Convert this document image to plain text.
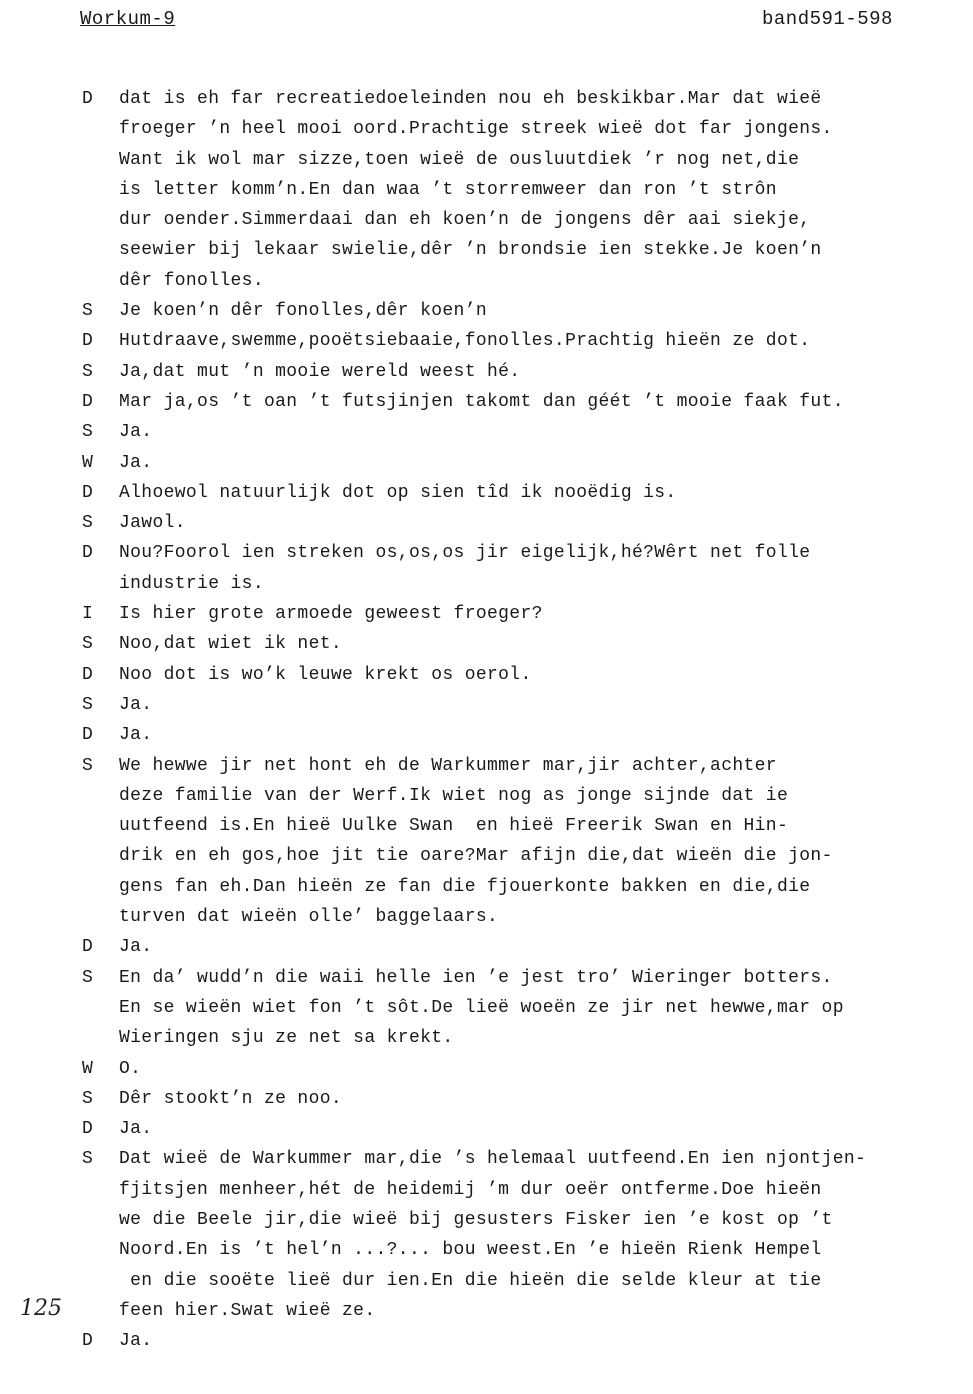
Workum-9	band591-598
D	dat is eh far recreatiedoeleinden nou eh beskikbar.Mar dat wieë
froeger ’n heel mooi oord.Prachtige streek wieë dot far jongens.
Want ik wol mar sizze,toen wieë de ousluutdiek ’r nog net,die
is letter komm’n.En dan waa ’t storremweer dan ron ’t strôn
dur oender.Simmerdaai dan eh koen’n de jongens dêr aai siekje,
seewier bij lekaar swielie,dêr ’n brondsie ien stekke.Je koen’n
dêr fonolles.
S	Je koen’n dêr fonolles,dêr koen’n
D	Hutdraave,swemme,pooëtsiebaaie,fonolles.Prachtig hieën ze dot.
S	Ja,dat mut ’n mooie wereld weest hé.
D	Mar ja,os ’t oan ’t futsjinjen takomt dan géét ’t mooie faak fut.
S	Ja.
W	Ja.
D	Alhoewol natuurlijk dot op sien tîd ik nooëdig is.
S	Jawol.
D	Nou?Foorol ien streken os,os,os jir eigelijk,hé?Wêrt net folle
industrie is.
I	Is hier grote armoede geweest froeger?
S	Noo,dat wiet ik net.
D	Noo dot is wo’k leuwe krekt os oerol.
S	Ja.
D	Ja.
S	We hewwe jir net hont eh de Warkummer mar,jir achter,achter
deze familie van der Werf.Ik wiet nog as jonge sijnde dat ie
uutfeend is.En hieë Uulke Swan  en hieë Freerik Swan en Hin-
drik en eh gos,hoe jit tie oare?Mar afijn die,dat wieën die jon-
gens fan eh.Dan hieën ze fan die fjouerkonte bakken en die,die
turven dat wieën olle’ baggelaars.
D	Ja.
S	En da’ wudd’n die waii helle ien ’e jest tro’ Wieringer botters.
En se wieën wiet fon ’t sôt.De lieë woeën ze jir net hewwe,mar op
Wieringen sju ze net sa krekt.
W	O.
S	Dêr stookt’n ze noo.
D	Ja.
S	Dat wieë de Warkummer mar,die ’s helemaal uutfeend.En ien njontjen-
fjitsjen menheer,hét de heidemij ’m dur oeër ontferme.Doe hieën
we die Beele jir,die wieë bij gesusters Fisker ien ’e kost op ’t
Noord.En is ’t hel’n ...?... bou weest.En ’e hieën Rienk Hempel
en die sooëte lieë dur ien.En die hieën die selde kleur at tie
feen hier.Swat wieë ze.
D	Ja.
125
